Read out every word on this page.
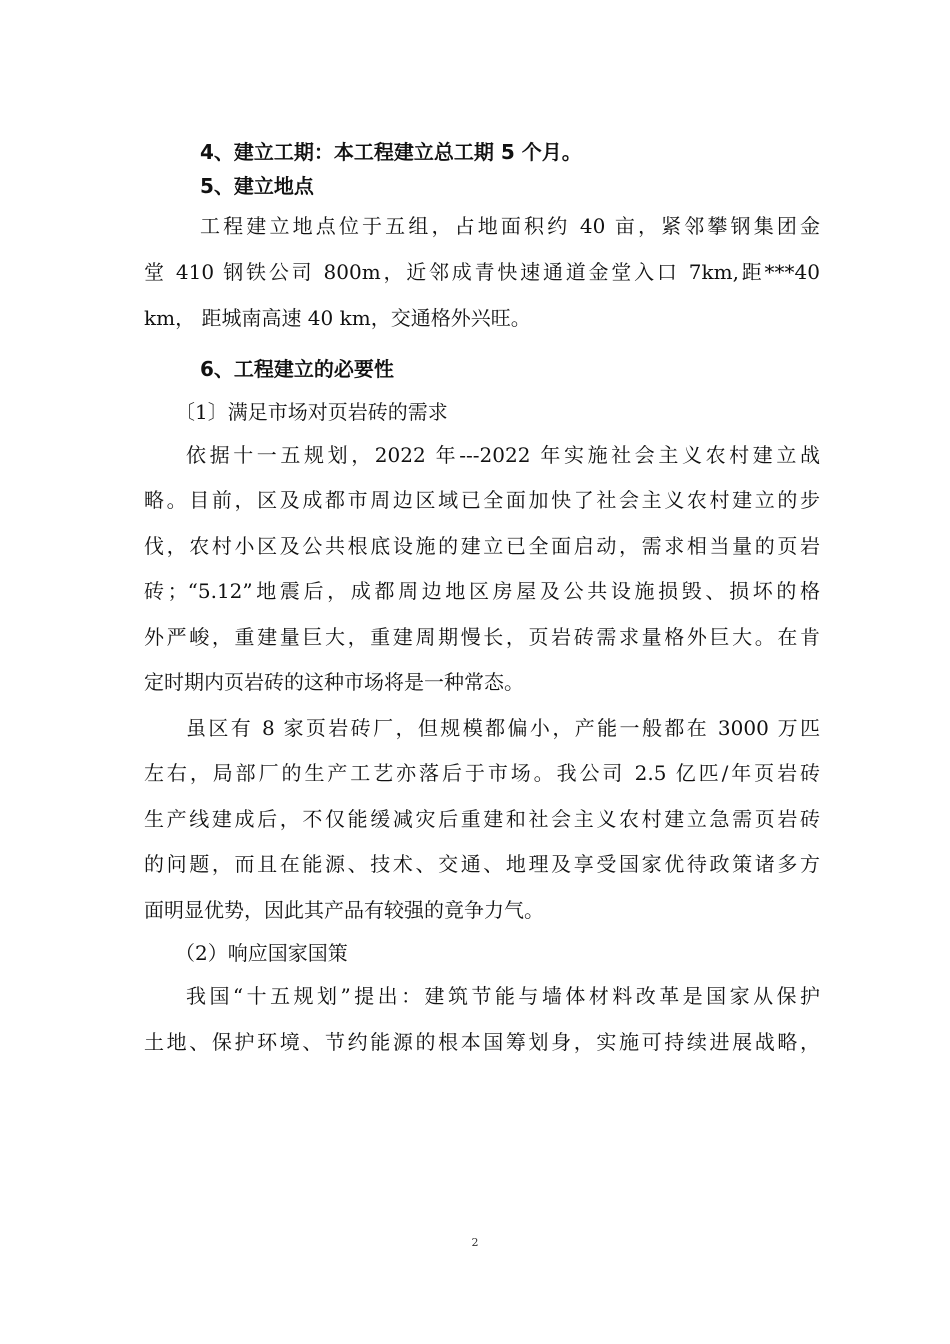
4、建立工期：本工程建立总工期 5 个月。
5、建立地点
工程建立地点位于五组，占地面积约 40 亩，紧邻攀钢集团金
堂 410 钢铁公司 800m，近邻成青快速通道金堂入口 7km,距***40
km， 距城南高速 40 km，交通格外兴旺。
6、工程建立的必要性
〔1〕满足市场对页岩砖的需求
依据十一五规划，2022 年---2022 年实施社会主义农村建立战
略。目前，区及成都市周边区域已全面加快了社会主义农村建立的步
伐，农村小区及公共根底设施的建立已全面启动，需求相当量的页岩
砖；“5.12”地震后，成都周边地区房屋及公共设施损毁、损坏的格
外严峻，重建量巨大，重建周期慢长，页岩砖需求量格外巨大。在肯
定时期内页岩砖的这种市场将是一种常态。
虽区有 8 家页岩砖厂，但规模都偏小，产能一般都在 3000 万匹
左右，局部厂的生产工艺亦落后于市场。我公司 2.5 亿匹/年页岩砖
生产线建成后，不仅能缓减灾后重建和社会主义农村建立急需页岩砖
的问题，而且在能源、技术、交通、地理及享受国家优待政策诸多方
面明显优势，因此其产品有较强的竟争力气。
（2）响应国家国策
我国“十五规划”提出：建筑节能与墙体材料改革是国家从保护
土地、保护环境、节约能源的根本国筹划身，实施可持续进展战略，
2
